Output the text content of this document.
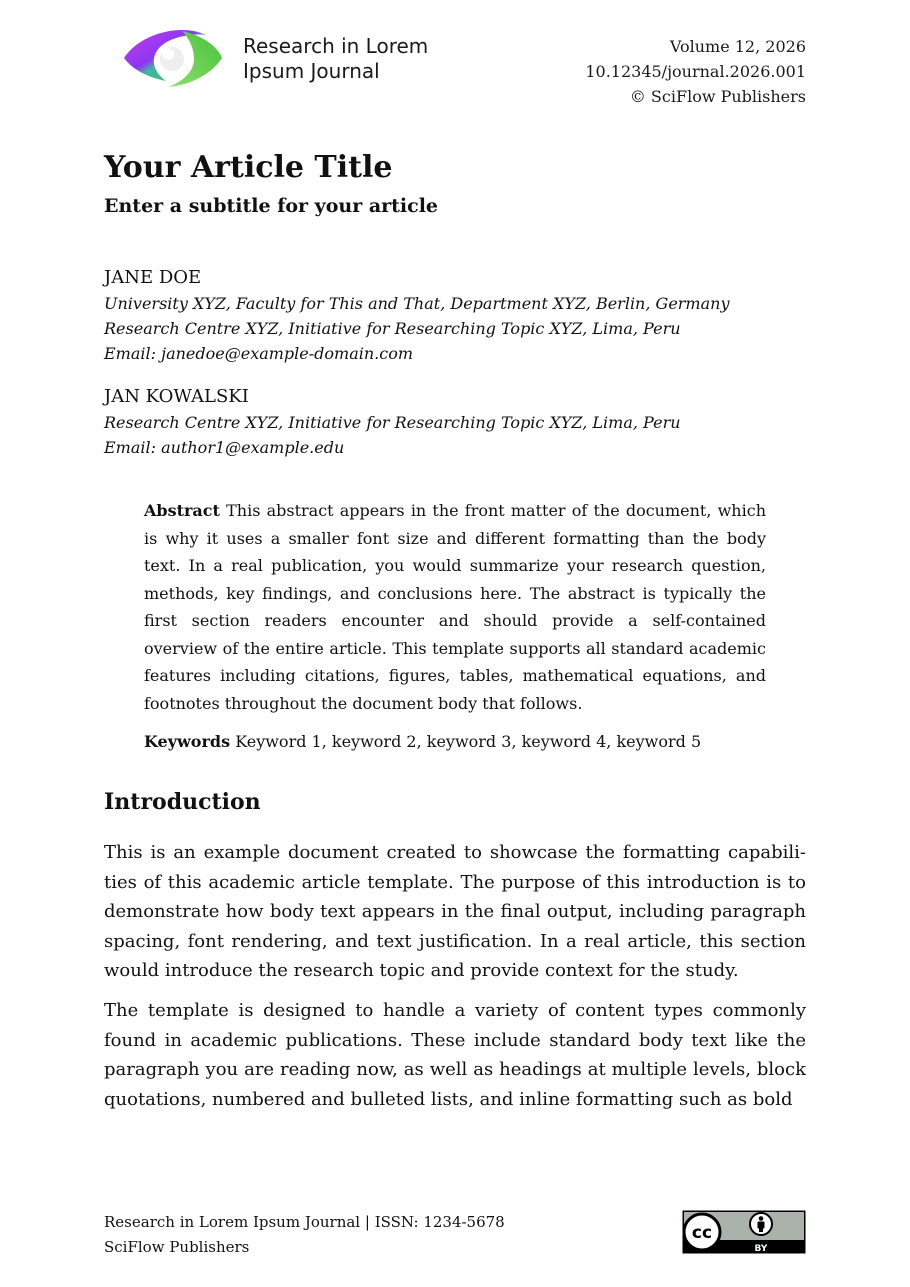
Research in Lorem
Ipsum Journal
Volume 12, 2026
10.12345/journal.2026.001
© SciFlow Publishers
Your Article Title
Enter a subtitle for your article
JANE DOE
University XYZ, Faculty for This and That, Department XYZ, Berlin, Germany
Research Centre XYZ, Initiative for Researching Topic XYZ, Lima, Peru
Email: janedoe@example-domain.com
JAN KOWALSKI
Research Centre XYZ, Initiative for Researching Topic XYZ, Lima, Peru
Email: author1@example.edu
Abstract This abstract appears in the front matter of the document, which is why it uses a smaller font size and different formatting than the body text. In a real publication, you would summarize your research question, methods, key findings, and conclusions here. The abstract is typically the first section readers encounter and should provide a self-contained overview of the entire article. This template supports all standard academic features including citations, figures, tables, mathematical equations, and footnotes throughout the document body that follows.
Keywords Keyword 1, keyword 2, keyword 3, keyword 4, keyword 5
Introduction

This is an example document created to showcase the formatting capabilities of this academic article template. The purpose of this introduction is to demonstrate how body text appears in the final output, including paragraph spacing, font rendering, and text justification. In a real article, this section would introduce the research topic and provide context for the study.

The template is designed to handle a variety of content types commonly found in academic publications. These include standard body text like the paragraph you are reading now, as well as headings at multiple levels, block quotations, numbered and bulleted lists, and inline formatting such as bold

Research in Lorem Ipsum Journal | ISSN: 1234-5678
SciFlow Publishers
cc
BY
